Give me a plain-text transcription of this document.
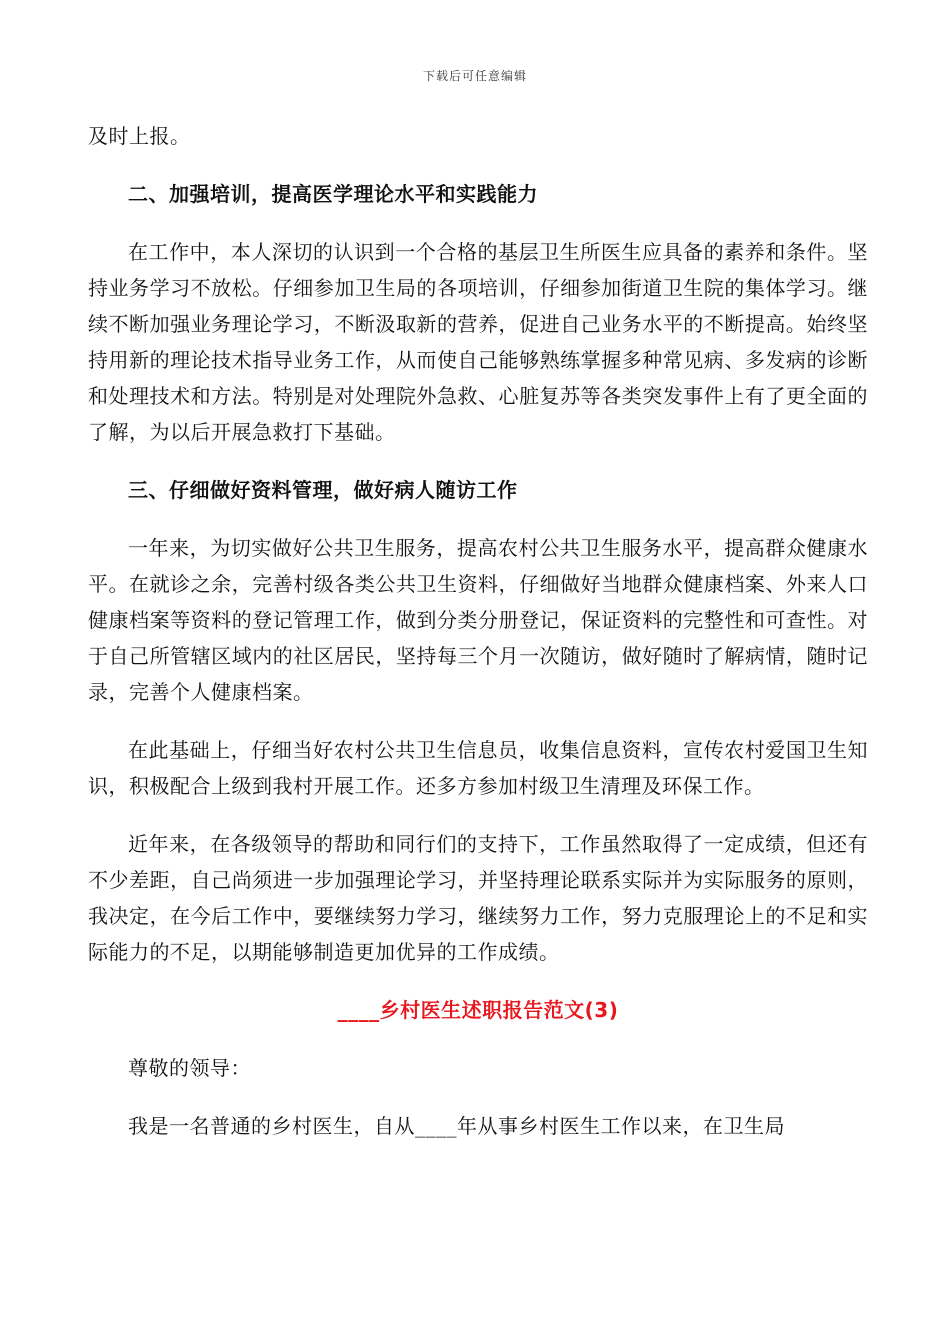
下载后可任意编辑

及时上报。

二、加强培训，提高医学理论水平和实践能力

在工作中，本人深切的认识到一个合格的基层卫生所医生应具备的素养和条件。坚持业务学习不放松。仔细参加卫生局的各项培训，仔细参加街道卫生院的集体学习。继续不断加强业务理论学习，不断汲取新的营养，促进自己业务水平的不断提高。始终坚持用新的理论技术指导业务工作，从而使自己能够熟练掌握多种常见病、多发病的诊断和处理技术和方法。特别是对处理院外急救、心脏复苏等各类突发事件上有了更全面的了解，为以后开展急救打下基础。

三、仔细做好资料管理，做好病人随访工作

一年来，为切实做好公共卫生服务，提高农村公共卫生服务水平，提高群众健康水平。在就诊之余，完善村级各类公共卫生资料，仔细做好当地群众健康档案、外来人口健康档案等资料的登记管理工作，做到分类分册登记，保证资料的完整性和可查性。对于自己所管辖区域内的社区居民，坚持每三个月一次随访，做好随时了解病情，随时记录，完善个人健康档案。

在此基础上，仔细当好农村公共卫生信息员，收集信息资料，宣传农村爱国卫生知识，积极配合上级到我村开展工作。还多方参加村级卫生清理及环保工作。

近年来，在各级领导的帮助和同行们的支持下，工作虽然取得了一定成绩，但还有不少差距，自己尚须进一步加强理论学习，并坚持理论联系实际并为实际服务的原则，我决定，在今后工作中，要继续努力学习，继续努力工作，努力克服理论上的不足和实际能力的不足，以期能够制造更加优异的工作成绩。

____乡村医生述职报告范文(3)

尊敬的领导：

我是一名普通的乡村医生，自从____年从事乡村医生工作以来，在卫生局
